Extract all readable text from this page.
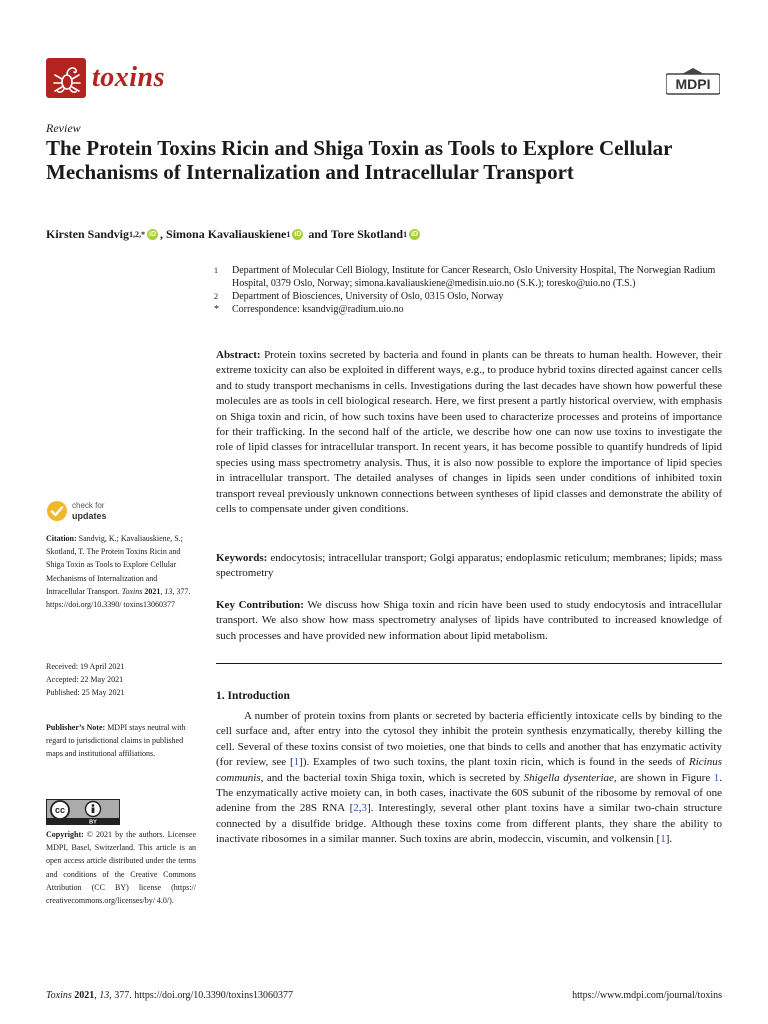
toxins	MDPI
Review
The Protein Toxins Ricin and Shiga Toxin as Tools to Explore Cellular Mechanisms of Internalization and Intracellular Transport
Kirsten Sandvig 1,2,* iD , Simona Kavaliauskiene 1 iD and Tore Skotland 1 iD
1	Department of Molecular Cell Biology, Institute for Cancer Research, Oslo University Hospital, The Norwegian Radium Hospital, 0379 Oslo, Norway; simona.kavaliauskiene@medisin.uio.no (S.K.); toresko@uio.no (T.S.)
2	Department of Biosciences, University of Oslo, 0315 Oslo, Norway
*	Correspondence: ksandvig@radium.uio.no
Abstract: Protein toxins secreted by bacteria and found in plants can be threats to human health. However, their extreme toxicity can also be exploited in different ways, e.g., to produce hybrid toxins directed against cancer cells and to study transport mechanisms in cells. Investigations during the last decades have shown how powerful these molecules are as tools in cell biological research. Here, we first present a partly historical overview, with emphasis on Shiga toxin and ricin, of how such toxins have been used to characterize processes and proteins of importance for their trafficking. In the second half of the article, we describe how one can now use toxins to investigate the role of lipid classes for intracellular transport. In recent years, it has become possible to quantify hundreds of lipid species using mass spectrometry analysis. Thus, it is also now possible to explore the importance of lipid species in intracellular transport. The detailed analyses of changes in lipids seen under conditions of inhibited toxin transport reveal previously unknown connections between syntheses of lipid classes and demonstrate the ability of cells to compensate under given conditions.
Keywords: endocytosis; intracellular transport; Golgi apparatus; endoplasmic reticulum; membranes; lipids; mass spectrometry
Key Contribution: We discuss how Shiga toxin and ricin have been used to study endocytosis and intracellular transport. We also show how mass spectrometry analyses of lipids have contributed to increased knowledge of such processes and have provided new information about lipid metabolism.
1. Introduction
A number of protein toxins from plants or secreted by bacteria efficiently intoxicate cells by binding to the cell surface and, after entry into the cytosol they inhibit the protein synthesis enzymatically, thereby killing the cell. Several of these toxins consist of two moieties, one that binds to cells and another that has enzymatic activity (for review, see [1]). Examples of two such toxins, the plant toxin ricin, which is found in the seeds of Ricinus communis, and the bacterial toxin Shiga toxin, which is secreted by Shigella dysenteriae, are shown in Figure 1. The enzymatically active moiety can, in both cases, inactivate the 60S subunit of the ribosome by removal of one adenine from the 28S RNA [2,3]. Interestingly, several other plant toxins have a similar two-chain structure connected by a disulfide bridge. Although these toxins come from different plants, they share the ability to inactivate ribosomes in a similar manner. Such toxins are abrin, modeccin, viscumin, and volkensin [1].
check for
updates
Citation: Sandvig, K.; Kavaliauskiene, S.; Skotland, T. The Protein Toxins Ricin and Shiga Toxin as Tools to Explore Cellular Mechanisms of Internalization and Intracellular Transport. Toxins 2021, 13, 377. https://doi.org/10.3390/ toxins13060377
Received: 19 April 2021
Accepted: 22 May 2021
Published: 25 May 2021
Publisher’s Note: MDPI stays neutral with regard to jurisdictional claims in published maps and institutional affiliations.
cc
BY
Copyright: © 2021 by the authors. Licensee MDPI, Basel, Switzerland. This article is an open access article distributed under the terms and conditions of the Creative Commons Attribution (CC BY) license (https:// creativecommons.org/licenses/by/ 4.0/).
Toxins 2021, 13, 377. https://doi.org/10.3390/toxins13060377	https://www.mdpi.com/journal/toxins
